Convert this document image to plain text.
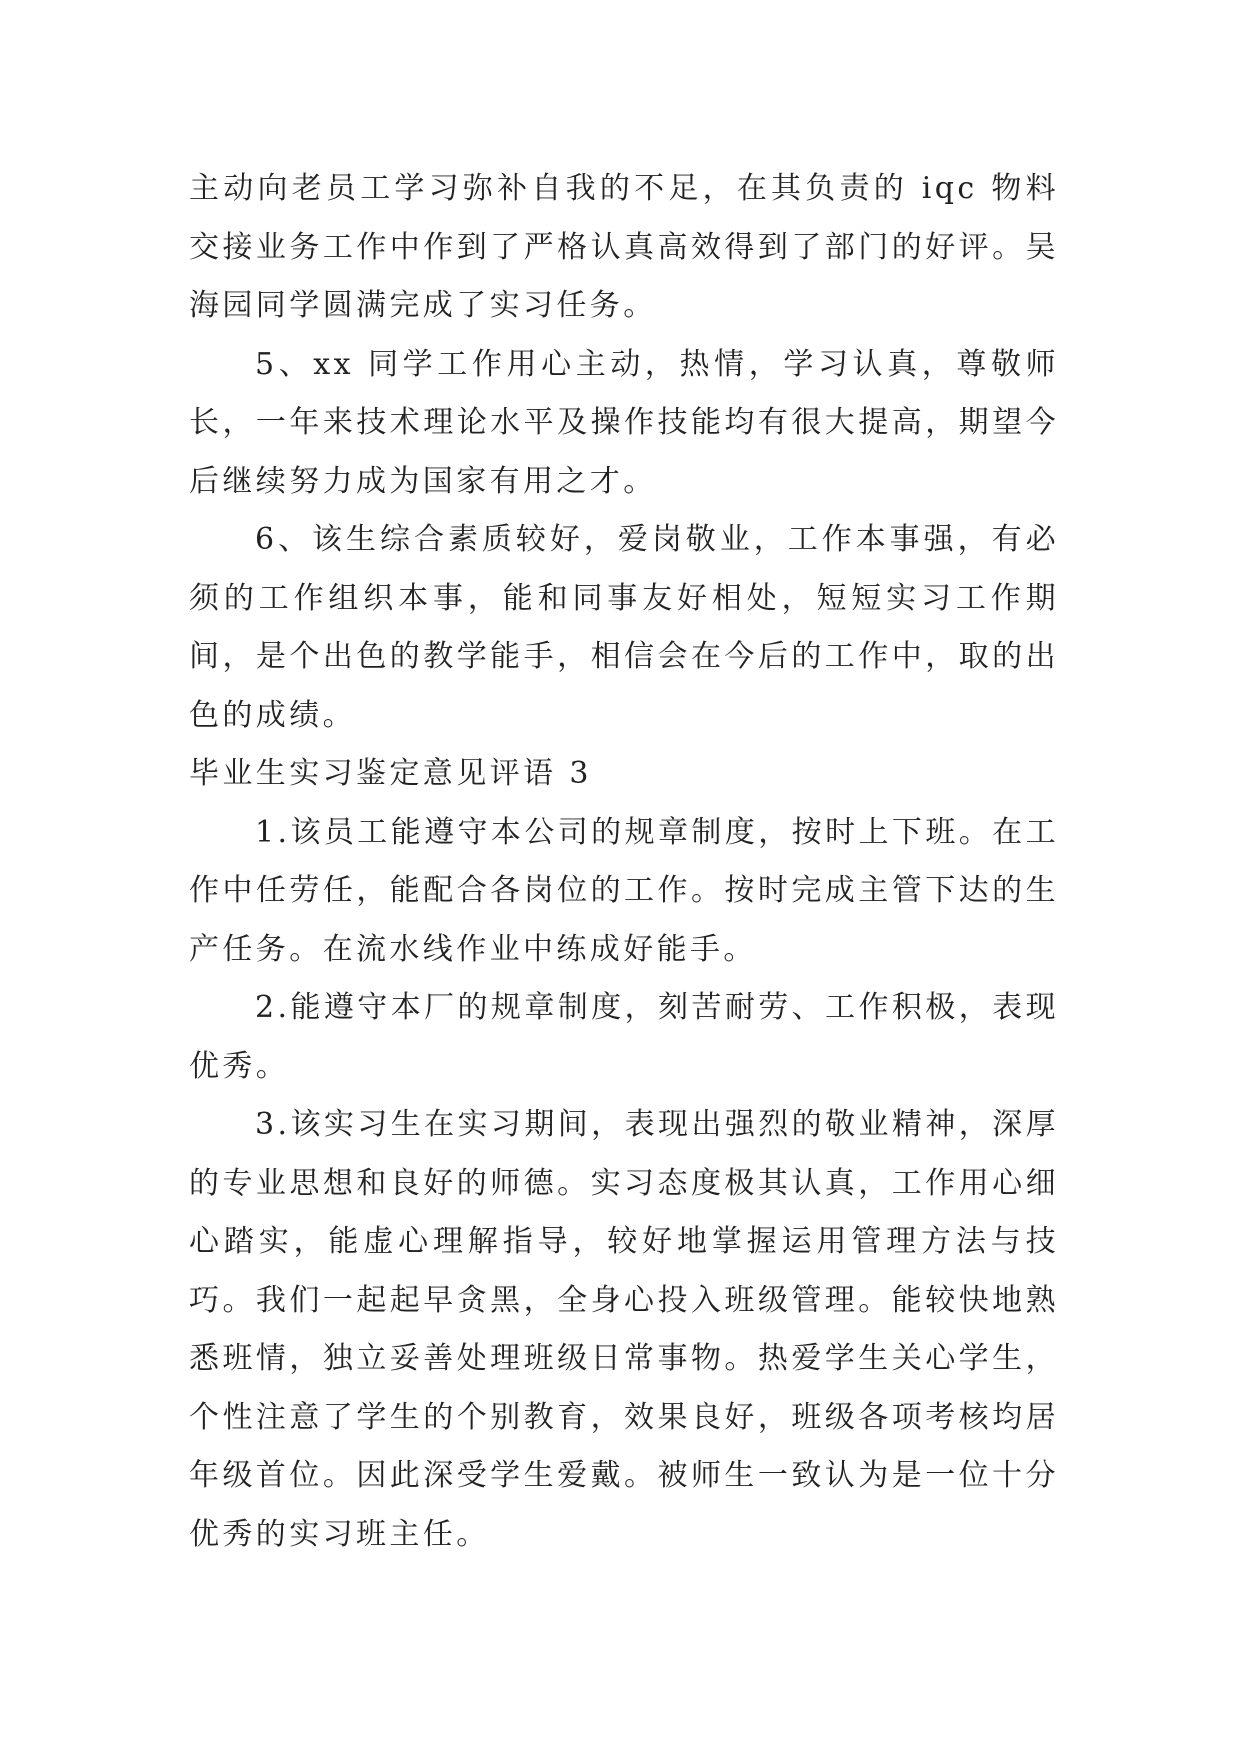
主动向老员工学习弥补自我的不足，在其负责的 iqc 物料交接业务工作中作到了严格认真高效得到了部门的好评。吴海园同学圆满完成了实习任务。

5、xx 同学工作用心主动，热情，学习认真，尊敬师长，一年来技术理论水平及操作技能均有很大提高，期望今后继续努力成为国家有用之才。

6、该生综合素质较好，爱岗敬业，工作本事强，有必须的工作组织本事，能和同事友好相处，短短实习工作期间，是个出色的教学能手，相信会在今后的工作中，取的出色的成绩。

毕业生实习鉴定意见评语 3

1.该员工能遵守本公司的规章制度，按时上下班。在工作中任劳任，能配合各岗位的工作。按时完成主管下达的生产任务。在流水线作业中练成好能手。

2.能遵守本厂的规章制度，刻苦耐劳、工作积极，表现优秀。

3.该实习生在实习期间，表现出强烈的敬业精神，深厚的专业思想和良好的师德。实习态度极其认真，工作用心细心踏实，能虚心理解指导，较好地掌握运用管理方法与技巧。我们一起起早贪黑，全身心投入班级管理。能较快地熟悉班情，独立妥善处理班级日常事物。热爱学生关心学生，个性注意了学生的个别教育，效果良好，班级各项考核均居年级首位。因此深受学生爱戴。被师生一致认为是一位十分优秀的实习班主任。
